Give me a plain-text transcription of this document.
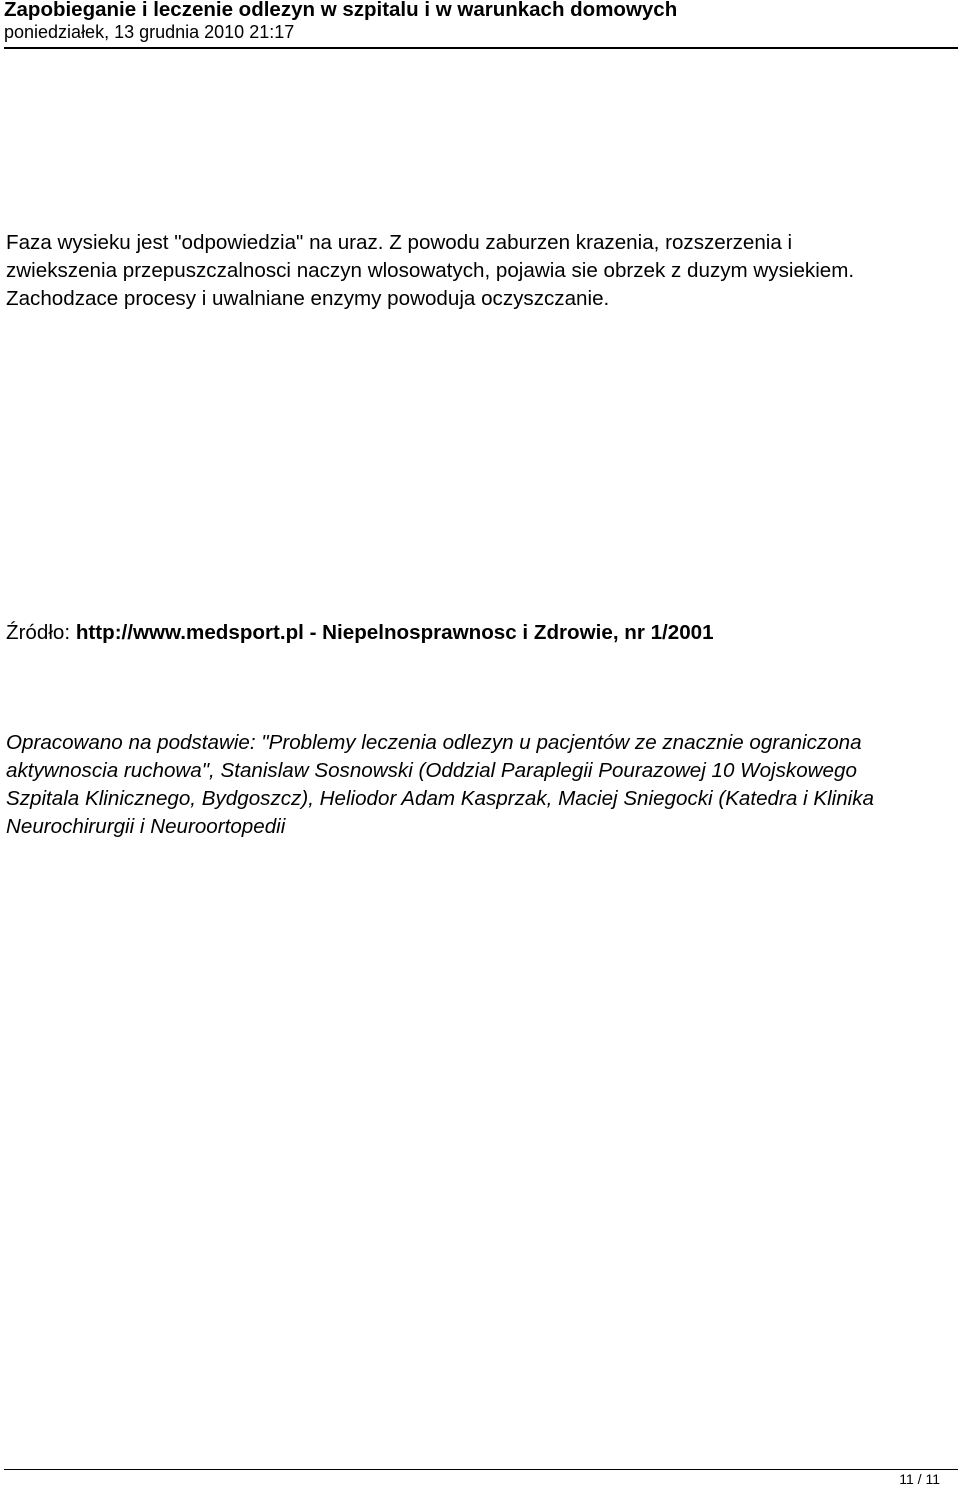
Zapobieganie i leczenie odlezyn w szpitalu i w warunkach domowych
poniedziałek, 13 grudnia 2010 21:17

Faza wysieku jest "odpowiedzia" na uraz. Z powodu zaburzen krazenia, rozszerzenia i
zwiekszenia przepuszczalnosci naczyn wlosowatych, pojawia sie obrzek z duzym wysiekiem.
Zachodzace procesy i uwalniane enzymy powoduja oczyszczanie.

Źródło: http://www.medsport.pl - Niepelnosprawnosc i Zdrowie, nr 1/2001

Opracowano na podstawie: "Problemy leczenia odlezyn u pacjentów ze znacznie ograniczona
aktywnoscia ruchowa", Stanislaw Sosnowski (Oddzial Paraplegii Pourazowej 10 Wojskowego
Szpitala Klinicznego, Bydgoszcz), Heliodor Adam Kasprzak, Maciej Sniegocki (Katedra i Klinika
Neurochirurgii i Neuroortopedii

11 / 11
